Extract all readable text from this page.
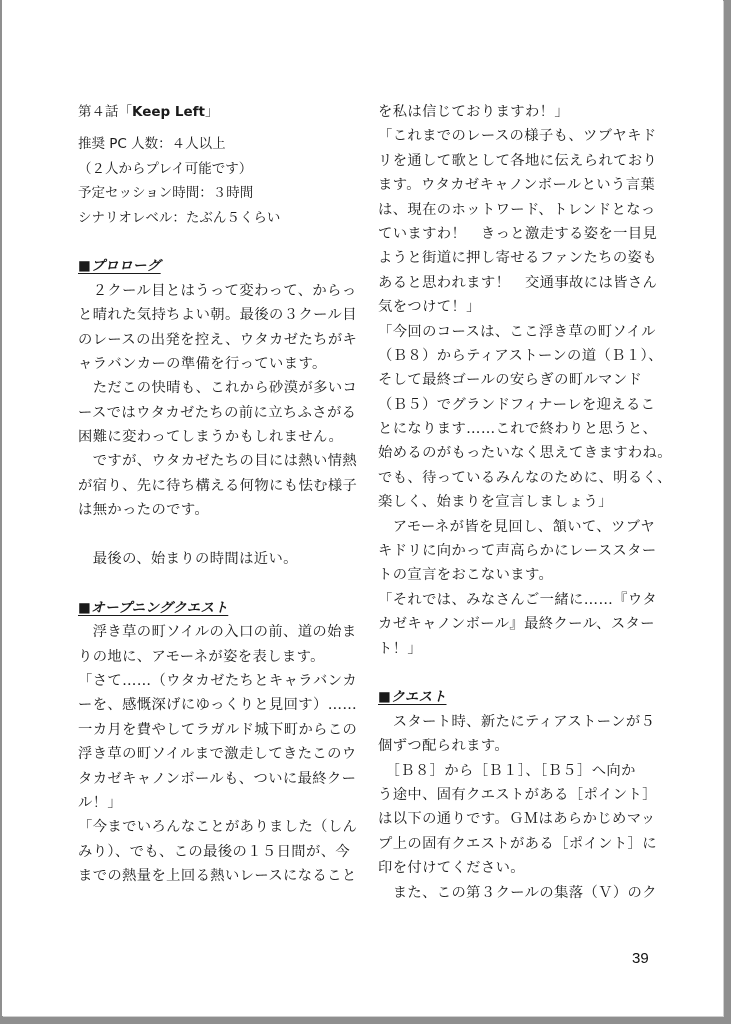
第４話「Keep Left」
推奨 PC 人数：４人以上
（２人からプレイ可能です）
予定セッション時間：３時間
シナリオレベル：たぶん５くらい
■プロローグ
　２クール目とはうって変わって、からっ
と晴れた気持ちよい朝。最後の３クール目
のレースの出発を控え、ウタカゼたちがキ
ャラバンカーの準備を行っています。
　ただこの快晴も、これから砂漠が多いコ
ースではウタカゼたちの前に立ちふさがる
困難に変わってしまうかもしれません。
　ですが、ウタカゼたちの目には熱い情熱
が宿り、先に待ち構える何物にも怯む様子
は無かったのです。
　最後の、始まりの時間は近い。
■オープニングクエスト
　浮き草の町ソイルの入口の前、道の始ま
りの地に、アモーネが姿を表します。
「さて……（ウタカゼたちとキャラバンカ
ーを、感慨深げにゆっくりと見回す）……
一カ月を費やしてラガルド城下町からこの
浮き草の町ソイルまで激走してきたこのウ
タカゼキャノンボールも、ついに最終クー
ル！」
「今までいろんなことがありました（しん
みり）、でも、この最後の１５日間が、今
までの熱量を上回る熱いレースになること
を私は信じておりますわ！」
「これまでのレースの様子も、ツブヤキド
リを通して歌として各地に伝えられており
ます。ウタカゼキャノンボールという言葉
は、現在のホットワード、トレンドとなっ
ていますわ！　きっと激走する姿を一目見
ようと街道に押し寄せるファンたちの姿も
あると思われます！　交通事故には皆さん
気をつけて！」
「今回のコースは、ここ浮き草の町ソイル
（Ｂ８）からティアストーンの道（Ｂ１）、
そして最終ゴールの安らぎの町ルマンド
（Ｂ５）でグランドフィナーレを迎えるこ
とになります……これで終わりと思うと、
始めるのがもったいなく思えてきますわね。
でも、待っているみんなのために、明るく、
楽しく、始まりを宣言しましょう」
　アモーネが皆を見回し、頷いて、ツブヤ
キドリに向かって声高らかにレーススター
トの宣言をおこないます。
「それでは、みなさんご一緒に……『ウタ
カゼキャノンボール』最終クール、スター
ト！」
■クエスト
　スタート時、新たにティアストーンが５
個ずつ配られます。
　［Ｂ８］から［Ｂ１］、［Ｂ５］へ向か
う途中、固有クエストがある［ポイント］
は以下の通りです。ＧＭはあらかじめマッ
プ上の固有クエストがある［ポイント］に
印を付けてください。
　また、この第３クールの集落（Ｖ）のク
39
